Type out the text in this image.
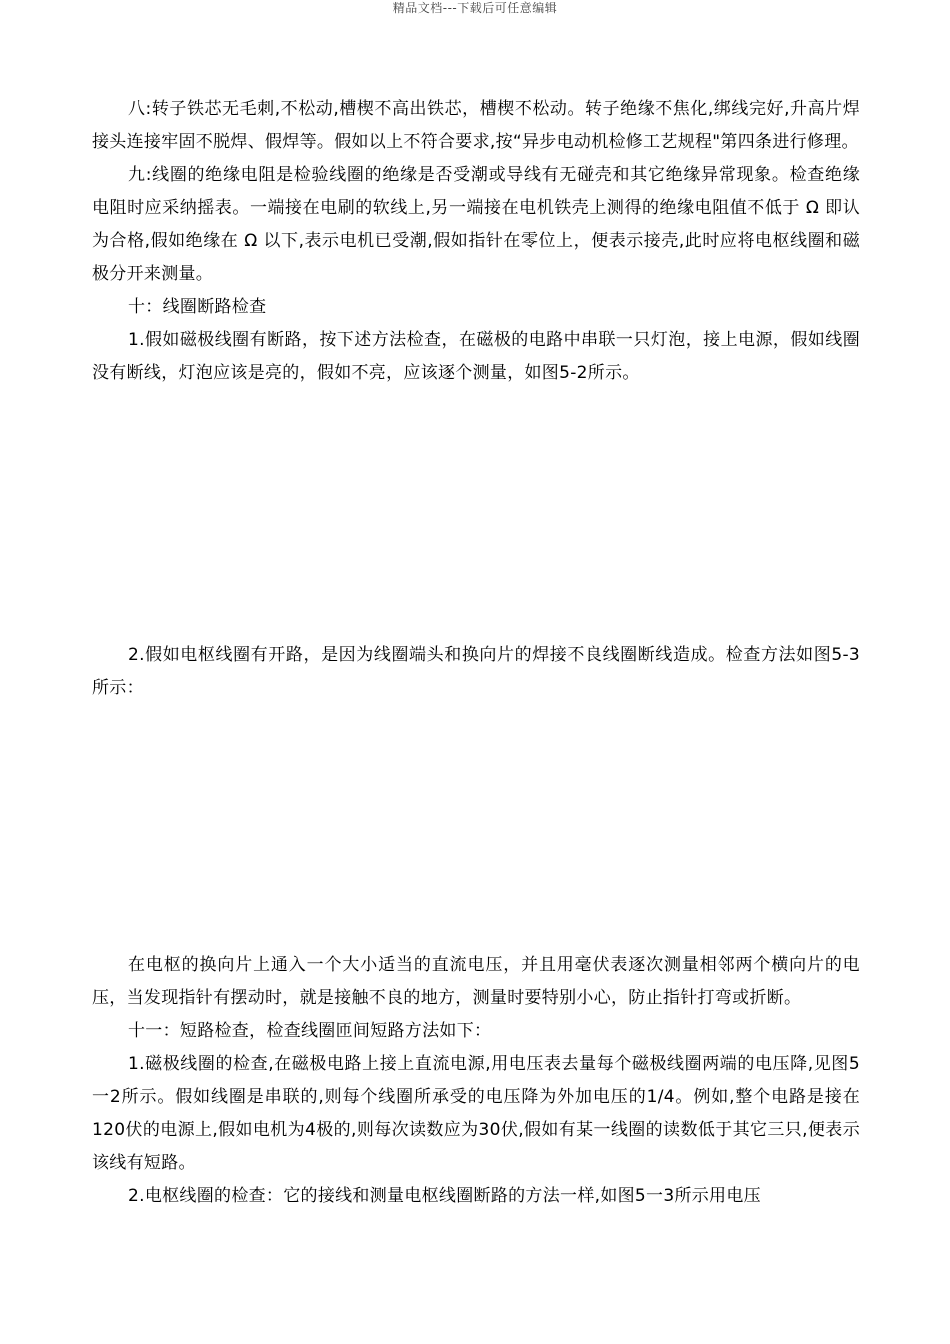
精品文档---下载后可任意编辑

八:转子铁芯无毛刺,不松动,槽楔不高出铁芯，槽楔不松动。转子绝缘不焦化,绑线完好,升高片焊接头连接牢固不脱焊、假焊等。假如以上不符合要求,按“异步电动机检修工艺规程"第四条进行修理。

九:线圈的绝缘电阻是检验线圈的绝缘是否受潮或导线有无碰壳和其它绝缘异常现象。检查绝缘电阻时应采纳摇表。一端接在电刷的软线上,另一端接在电机铁壳上测得的绝缘电阻值不低于 Ω 即认为合格,假如绝缘在 Ω 以下,表示电机已受潮,假如指针在零位上，便表示接壳,此时应将电枢线圈和磁极分开来测量。

十：线圈断路检查

1.假如磁极线圈有断路，按下述方法检查，在磁极的电路中串联一只灯泡，接上电源，假如线圈没有断线，灯泡应该是亮的，假如不亮，应该逐个测量，如图5-2所示。

2.假如电枢线圈有开路，是因为线圈端头和换向片的焊接不良线圈断线造成。检查方法如图5-3所示：

在电枢的换向片上通入一个大小适当的直流电压，并且用毫伏表逐次测量相邻两个横向片的电压，当发现指针有摆动时，就是接触不良的地方，测量时要特别小心，防止指针打弯或折断。

十一：短路检查，检查线圈匝间短路方法如下：

1.磁极线圈的检查,在磁极电路上接上直流电源,用电压表去量每个磁极线圈两端的电压降,见图5一2所示。假如线圈是串联的,则每个线圈所承受的电压降为外加电压的1/4。例如,整个电路是接在120伏的电源上,假如电机为4极的,则每次读数应为30伏,假如有某一线圈的读数低于其它三只,便表示该线有短路。

2.电枢线圈的检查：它的接线和测量电枢线圈断路的方法一样,如图5一3所示用电压
